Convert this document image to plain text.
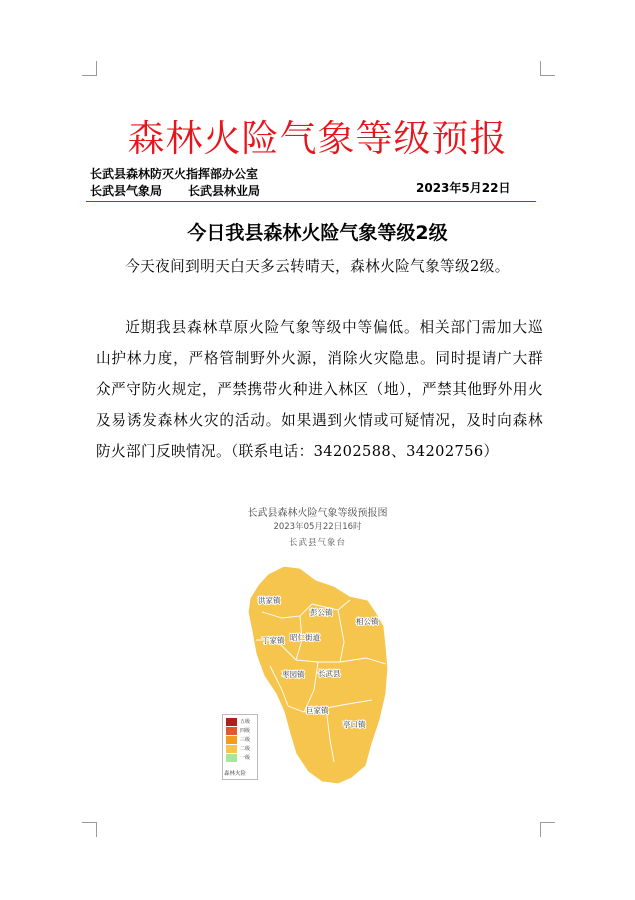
森林火险气象等级预报
长武县森林防灭火指挥部办公室
长武县气象局 长武县林业局	2023年5月22日
今日我县森林火险气象等级2级
今天夜间到明天白天多云转晴天，森林火险气象等级2级。
近期我县森林草原火险气象等级中等偏低。相关部门需加大巡山护林力度，严格管制野外火源，消除火灾隐患。同时提请广大群众严守防火规定，严禁携带火种进入林区（地），严禁其他野外用火及易诱发森林火灾的活动。如果遇到火情或可疑情况，及时向森林防火部门反映情况。（联系电话：34202588、34202756）
长武县森林火险气象等级预报图
2023年05月22日16时
长武县气象台
洪家镇
彭公镇
相公镇
丁家镇 昭仁街道
枣园镇 长武县
巨家镇
亭口镇
五级
四级
三级
二级
一级
森林火险
